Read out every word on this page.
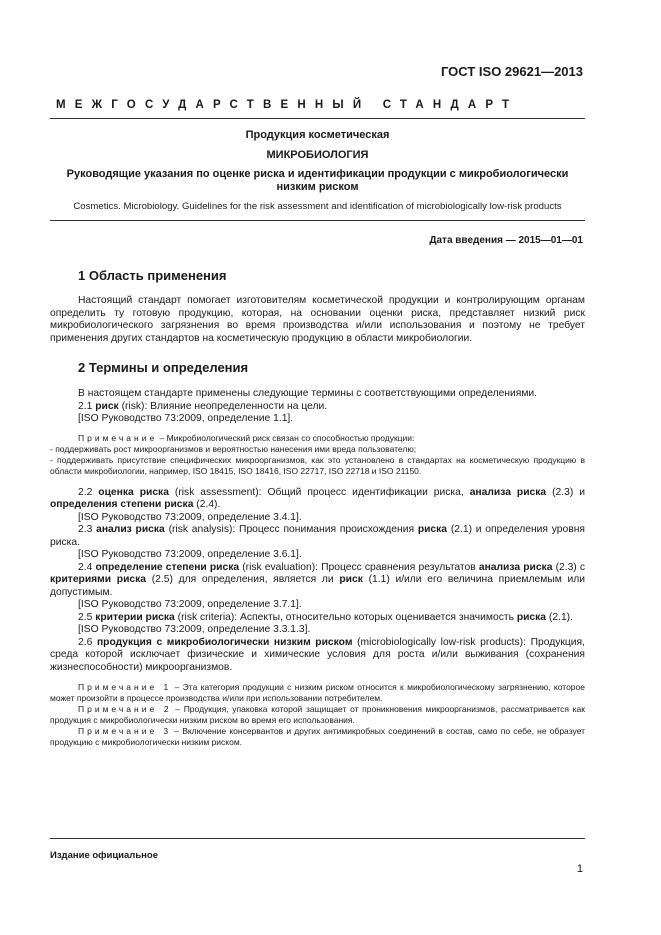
ГОСТ ISO 29621—2013
МЕЖГОСУДАРСТВЕННЫЙ СТАНДАРТ
Продукция косметическая
МИКРОБИОЛОГИЯ
Руководящие указания по оценке риска и идентификации продукции с микробиологически низким риском
Cosmetics. Microbiology. Guidelines for the risk assessment and identification of microbiologically low-risk products
Дата введения — 2015—01—01
1 Область применения

Настоящий стандарт помогает изготовителям косметической продукции и контролирующим органам определить ту готовую продукцию, которая, на основании оценки риска, представляет низкий риск микробиологического загрязнения во время производства и/или использования и поэтому не требует применения других стандартов на косметическую продукцию в области микробиологии.

2 Термины и определения

В настоящем стандарте применены следующие термины с соответствующими определениями.

2.1 риск (risk): Влияние неопределенности на цели.

[ISO Руководство 73:2009, определение 1.1].

Примечание – Микробиологический риск связан со способностью продукции:

- поддерживать рост микроорганизмов и вероятностью нанесения ими вреда пользователю;

- поддерживать присутствие специфических микроорганизмов, как это установлено в стандартах на косметическую продукцию в области микробиологии, например, ISO 18415, ISO 18416, ISO 22717, ISO 22718 и ISO 21150.

2.2 оценка риска (risk assessment): Общий процесс идентификации риска, анализа риска (2.3) и определения степени риска (2.4).

[ISO Руководство 73:2009, определение 3.4.1].

2.3 анализ риска (risk analysis): Процесс понимания происхождения риска (2.1) и определения уровня риска.

[ISO Руководство 73:2009, определение 3.6.1].

2.4 определение степени риска (risk evaluation): Процесс сравнения результатов анализа риска (2.3) с критериями риска (2.5) для определения, является ли риск (1.1) и/или его величина приемлемым или допустимым.

[ISO Руководство 73:2009, определение 3.7.1].

2.5 критерии риска (risk criteria): Аспекты, относительно которых оценивается значимость риска (2.1).

[ISO Руководство 73:2009, определение 3.3.1.3].

2.6 продукция с микробиологически низким риском (microbiologically low-risk products): Продукция, среда которой исключает физические и химические условия для роста и/или выживания (сохранения жизнеспособности) микроорганизмов.

Примечание 1 – Эта категория продукции с низким риском относится к микробиологическому загрязнению, которое может произойти в процессе производства и/или при использовании потребителем.

Примечание 2 – Продукция, упаковка которой защищает от проникновения микроорганизмов, рассматривается как продукция с микробиологически низким риском во время его использования.

Примечание 3 – Включение консервантов и других антимикробных соединений в состав, само по себе, не образует продукцию с микробиологически низким риском.

Издание официальное
1
